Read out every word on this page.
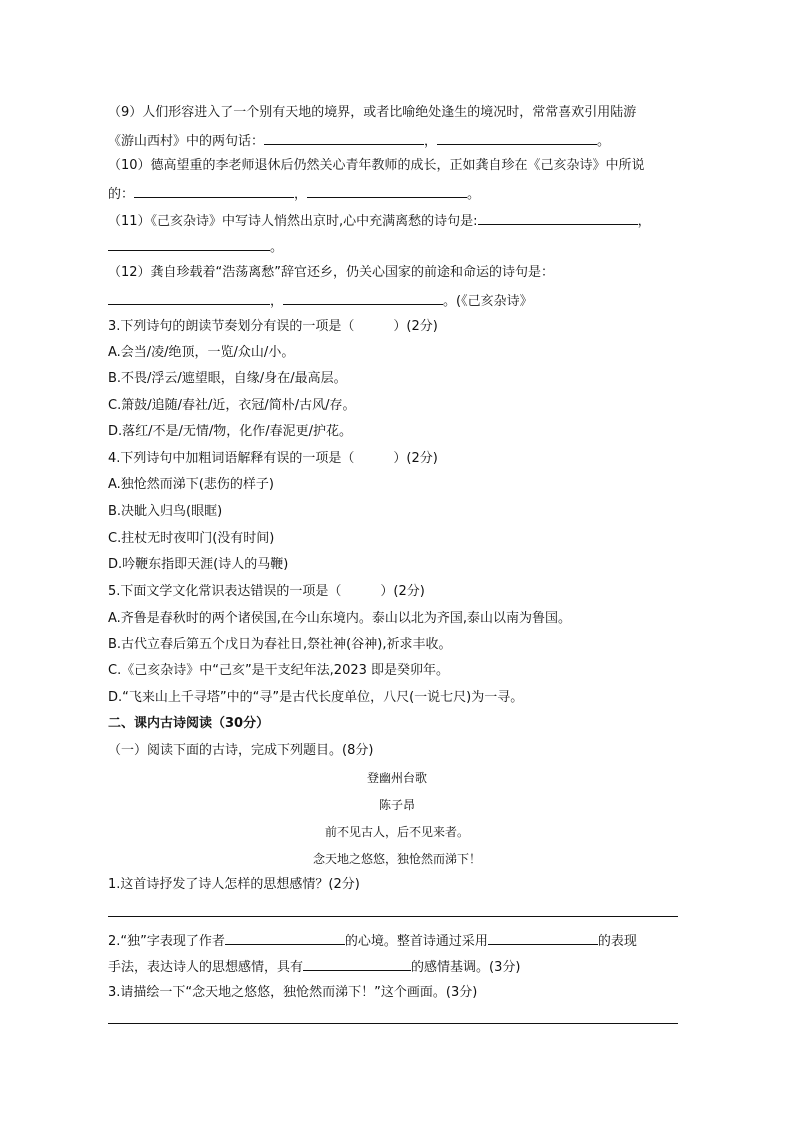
（9）人们形容进入了一个别有天地的境界，或者比喻绝处逢生的境况时，常常喜欢引用陆游
《游山西村》中的两句话：	，	。
（10）德高望重的李老师退休后仍然关心青年教师的成长，正如龚自珍在《己亥杂诗》中所说
的：	，	。
（11）《己亥杂诗》中写诗人悄然出京时,心中充满离愁的诗句是:	，
。
（12）龚自珍载着“浩荡离愁”辞官还乡，仍关心国家的前途和命运的诗句是：
，	。(《己亥杂诗》
3.下列诗句的朗读节奏划分有误的一项是（　　　）(2分)
A.会当/凌/绝顶，一览/众山/小。
B.不畏/浮云/遮望眼，自缘/身在/最高层。
C.箫鼓/追随/春社/近，衣冠/简朴/古风/存。
D.落红/不是/无情/物，化作/春泥更/护花。
4.下列诗句中加粗词语解释有误的一项是（　　　）(2分)
A.独怆然而涕下(悲伤的样子)
B.决眦入归鸟(眼眶)
C.拄杖无时夜叩门(没有时间)
D.吟鞭东指即天涯(诗人的马鞭)
5.下面文学文化常识表达错误的一项是（　　　）(2分)
A.齐鲁是春秋时的两个诸侯国,在今山东境内。泰山以北为齐国,泰山以南为鲁国。
B.古代立春后第五个戊日为春社日,祭社神(谷神),祈求丰收。
C.《己亥杂诗》中“己亥”是干支纪年法,2023 即是癸卯年。
D.“飞来山上千寻塔”中的“寻”是古代长度单位，八尺(一说七尺)为一寻。
二、课内古诗阅读（30分）
（一）阅读下面的古诗，完成下列题目。(8分)
登幽州台歌
陈子昂
前不见古人，后不见来者。
念天地之悠悠，独怆然而涕下！
1.这首诗抒发了诗人怎样的思想感情？(2分)
2.“独”字表现了作者	的心境。整首诗通过采用	的表现
手法，表达诗人的思想感情，具有	的感情基调。(3分)
3.请描绘一下“念天地之悠悠，独怆然而涕下！”这个画面。(3分)
